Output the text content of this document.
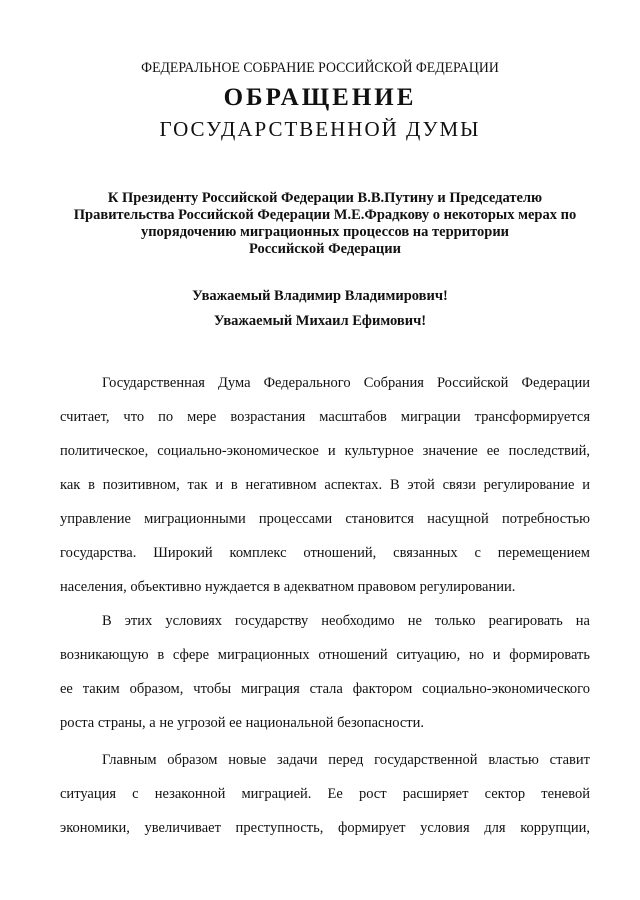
ФЕДЕРАЛЬНОЕ СОБРАНИЕ РОССИЙСКОЙ ФЕДЕРАЦИИ
ОБРАЩЕНИЕ
ГОСУДАРСТВЕННОЙ ДУМЫ

К Президенту Российской Федерации В.В.Путину и Председателю
Правительства Российской Федерации М.Е.Фрадкову о некоторых мерах по
упорядочению миграционных процессов на территории
Российской Федерации

Уважаемый Владимир Владимирович!
Уважаемый Михаил Ефимович!
Государственная Дума Федерального Собрания Российской Федерации
считает, что по мере возрастания масштабов миграции трансформируется
политическое, социально-экономическое и культурное значение ее последствий,
как в позитивном, так и в негативном аспектах. В этой связи регулирование и
управление миграционными процессами становится насущной потребностью
государства. Широкий комплекс отношений, связанных с перемещением
населения, объективно нуждается в адекватном правовом регулировании.
В этих условиях государству необходимо не только реагировать на
возникающую в сфере миграционных отношений ситуацию, но и формировать
ее таким образом, чтобы миграция стала фактором социально-экономического
роста страны, а не угрозой ее национальной безопасности.
Главным образом новые задачи перед государственной властью ставит
ситуация с незаконной миграцией. Ее рост расширяет сектор теневой
экономики, увеличивает преступность, формирует условия для коррупции,
